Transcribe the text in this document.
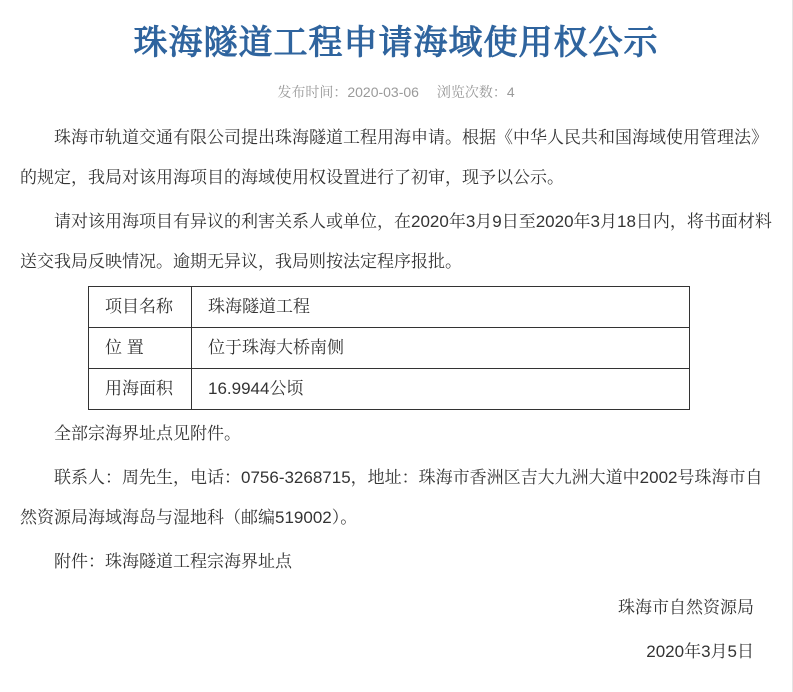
珠海隧道工程申请海域使用权公示
发布时间：2020-03-06 浏览次数：4

珠海市轨道交通有限公司提出珠海隧道工程用海申请。根据《中华人民共和国海域使用管理法》的规定，我局对该用海项目的海域使用权设置进行了初审，现予以公示。

请对该用海项目有异议的利害关系人或单位，在2020年3月9日至2020年3月18日内，将书面材料送交我局反映情况。逾期无异议，我局则按法定程序报批。

项目名称	珠海隧道工程
位 置	位于珠海大桥南侧
用海面积	16.9944公顷

全部宗海界址点见附件。

联系人：周先生，电话：0756-3268715，地址：珠海市香洲区吉大九洲大道中2002号珠海市自然资源局海域海岛与湿地科（邮编519002）。

附件：珠海隧道工程宗海界址点

珠海市自然资源局

2020年3月5日
